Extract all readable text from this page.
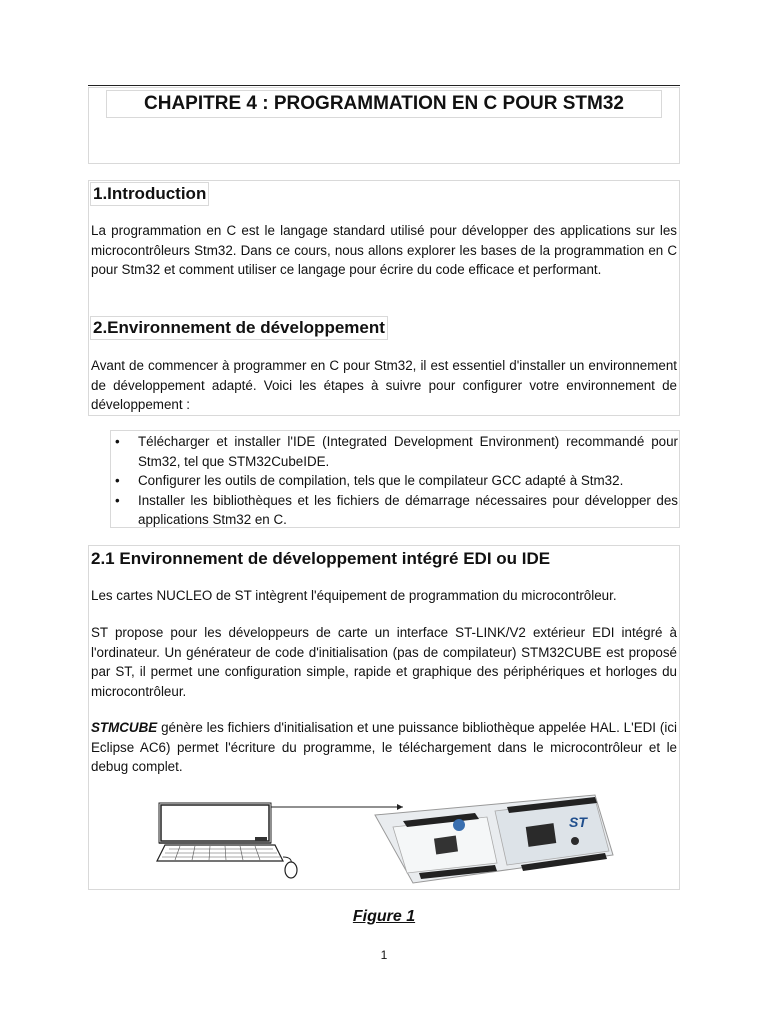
CHAPITRE 4 : PROGRAMMATION EN C POUR STM32
1.Introduction
La programmation en C est le langage standard utilisé pour développer des applications sur les microcontrôleurs Stm32. Dans ce cours, nous allons explorer les bases de la programmation en C pour Stm32 et comment utiliser ce langage pour écrire du code efficace et performant.
2.Environnement de développement
Avant de commencer à programmer en C pour Stm32, il est essentiel d'installer un environnement de développement adapté. Voici les étapes à suivre pour configurer votre environnement de développement :
• Télécharger et installer l'IDE (Integrated Development Environment) recommandé pour Stm32, tel que STM32CubeIDE.
• Configurer les outils de compilation, tels que le compilateur GCC adapté à Stm32.
• Installer les bibliothèques et les fichiers de démarrage nécessaires pour développer des applications Stm32 en C.
2.1 Environnement de développement intégré EDI ou IDE
Les cartes NUCLEO de ST intègrent l'équipement de programmation du microcontrôleur.
ST propose pour les développeurs de carte un interface ST-LINK/V2 extérieur EDI intégré à l'ordinateur. Un générateur de code d'initialisation (pas de compilateur) STM32CUBE est proposé par ST, il permet une configuration simple, rapide et graphique des périphériques et horloges du microcontrôleur.
STMCUBE génère les fichiers d'initialisation et une puissance bibliothèque appelée HAL. L'EDI (ici Eclipse AC6) permet l'écriture du programme, le téléchargement dans le microcontrôleur et le debug complet.
ST
Figure 1
1
